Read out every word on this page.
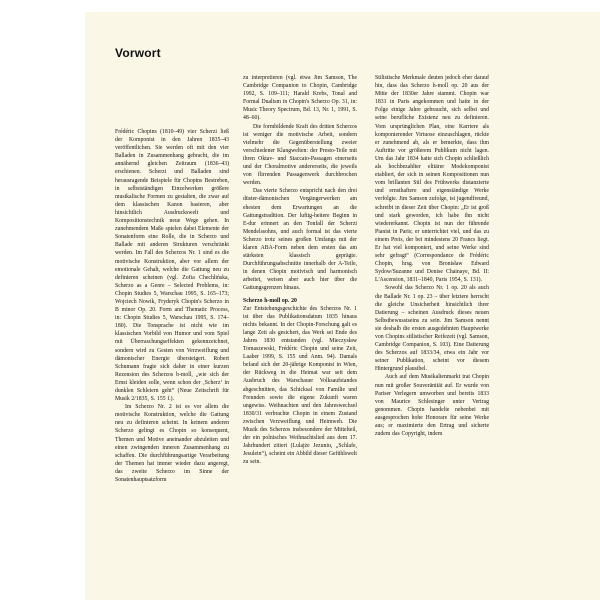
Vorwort

Frédéric Chopins (1810–49) vier Scherzi ließ der Komponist in den Jahren 1835–43 veröffentlichen. Sie werden oft mit den vier Balladen in Zusammenhang gebracht, die im annähernd gleichen Zeitraum (1836–43) erschienen. Scherzi und Balladen sind herausragende Beispiele für Chopins Bestreben, in selbstständigen Einzelwerken größere musikalische Formen zu gestalten, die zwar auf dem klassischen Kanon basieren, aber hinsichtlich Ausdruckswelt und Kompositionstechnik neue Wege gehen. In zunehmendem Maße spielen dabei Elemente der Sonatenform eine Rolle, die in Scherzo und Ballade mit anderen Strukturen verschränkt werden. Im Fall des Scherzos Nr. 1 sind es die motivische Konstruktion, aber vor allem der emotionale Gehalt, welche die Gattung neu zu definieren scheinen (vgl. Zofia Chechlińska, Scherzo as a Genre – Selected Problems, in: Chopin Studies 5, Warschau 1995, S. 165–173; Wojciech Nowik, Fryderyk Chopin's Scherzo in B minor Op. 20. Form and Thematic Process, in: Chopin Studies 5, Warschau 1995, S. 174–180). Die Tonsprache ist nicht wie im klassischen Vorbild von Humor und vom Spiel mit Überraschungseffekten gekennzeichnet, sondern wird zu Gesten von Verzweiflung und dämonischer Energie übersteigert. Robert Schumann fragte sich daher in einer kurzen Rezension des Scherzos b-moll, „wie sich der Ernst kleiden solle, wenn schon der ‚Scherz‘ in dunklen Schleiern geht“ (Neue Zeitschrift für Musik 2/1835, S. 155 f.).

Im Scherzo Nr. 2 ist es vor allem die motivische Konstruktion, welche die Gattung neu zu definieren scheint. In keinem anderen Scherzo gelingt es Chopin so konsequent, Themen und Motive aneinander abzuleiten und einen zwingenden inneren Zusammenhang zu schaffen. Die durchführungsartige Verarbeitung der Themen hat immer wieder dazu angeregt, das zweite Scherzo im Sinne der Sonatenhauptsatzform

zu interpretieren (vgl. etwa Jim Samson, The Cambridge Companion to Chopin, Cambridge 1992, S. 109–111; Harald Krebs, Tonal and Formal Dualism in Chopin's Scherzo Op. 31, in: Music Theory Spectrum, Bd. 13, Nr. 1, 1991, S. 48–60).

Die formbildende Kraft des dritten Scherzos ist weniger die motivische Arbeit, sondern vielmehr die Gegenüberstellung zweier verschiedener Klangwelten: der Presto-Teile mit ihren Oktav- und Staccato-Passagen einerseits und der Choralmotive andererseits, die jeweils von flirrenden Passagenwerk durchbrochen werden.

Das vierte Scherzo entspricht nach den drei düster-dämonischen Vorgängerwerken am ehesten dem Erwartungen an die Gattungstradition. Der luftig-heitere Beginn in E-dur erinnert an den Tonfall der Scherzi Mendelssohns, und auch formal ist das vierte Scherzo trotz seines großen Umfangs mit der klaren ABA-Form neben dem ersten das am stärksten klassisch geprägte. Durchführungsabschnitte innerhalb der A-Teile, in denen Chopin motivisch und harmonisch arbeitet, weisen aber auch hier über die Gattungsgrenzen hinaus.

Scherzo h-moll op. 20

Zur Entstehungsgeschichte des Scherzos Nr. 1 ist über das Publikationsdatum 1835 hinaus nichts bekannt. In der Chopin-Forschung galt es lange Zeit als gesichert, das Werk sei Ende des Jahres 1830 entstanden (vgl. Mieczysław Tomaszewski, Frédéric Chopin und seine Zeit, Laaber 1999, S. 155 und Anm. 94). Damals befand sich der 20-jährige Komponist in Wien, der Rückweg in die Heimat war seit dem Ausbruch des Warschauer Volksaufstandes abgeschnitten, das Schicksal von Familie und Freunden sowie die eigene Zukunft waren ungewiss. Weihnachten und den Jahreswechsel 1830/31 verbrachte Chopin in einem Zustand zwischen Verzweiflung und Heimweh. Die Musik des Scherzos insbesondere der Mittelteil, der ein polnisches Weihnachtslied aus dem 17. Jahrhundert zitiert (Lulajże Jezuniu, „Schlafe, Jesulein“), scheint ein Abbild dieser Gefühlswelt zu sein.

Stilistische Merkmale deuten jedoch eher darauf hin, dass das Scherzo h-moll op. 20 aus der Mitte der 1830er Jahre stammt. Chopin war 1831 in Paris angekommen und hatte in der Folge einige Jahre gebraucht, sich selbst und seine berufliche Existenz neu zu definieren. Vom ursprünglichen Plan, eine Karriere als komponierender Virtuose einzuschlagen, rückte er zunehmend ab, als er bemerkte, dass ihm Auftritte vor größerem Publikum nicht lagen. Um das Jahr 1834 hatte sich Chopin schließlich als hochbezahlter elitärer Modekomponist etabliert, der sich in seinen Kompositionen nun vom brillanten Stil des Frühwerks distanzierte und ernsthaftere und eigenständige Werke verfolgte. Jim Samson zufolge, ist jugendfreund, schreibt in dieser Zeit über Chopin: „Er ist groß und stark geworden, ich habe ihn nicht wiedererkannt. Chopin ist nun der führende Pianist in Paris; er unterrichtet viel, und das zu einem Preis, der bei mindestens 20 Francs liegt. Er hat viel komponiert, und seine Werke sind sehr gefragt“ (Correspondance de Frédéric Chopin, hrsg. von Bronisław Edward Sydow/Suzanne und Denise Chainaye, Bd. II: L'Ascension, 1831–1840, Paris 1954, S. 131).

Sowohl das Scherzo Nr. 1 op. 20 als auch die Ballade Nr. 1 op. 23 – über letztere herrscht die gleiche Unsicherheit hinsichtlich ihrer Datierung – scheinen Ausdruck dieses neuen Selbstbewusstseins zu sein. Jim Samson nennt sie deshalb die ersten ausgedehnten Hauptwerke von Chopins stilistischer Reifezeit (vgl. Samson, Cambridge Companion, S. 103). Eine Datierung des Scherzos auf 1833/34, etwa ein Jahr vor seiner Publikation, scheint vor diesem Hintergrund plausibel.

Auch auf dem Musikalienmarkt trat Chopin nun mit großer Souveränität auf. Er wurde von Pariser Verlegern umworben und bereits 1833 von Maurice Schlesinger unter Vertrag genommen. Chopin handelte nebenbei mit ausgesprochen hohe Honorare für seine Werke aus; er maximierte den Ertrag und sicherte zudem das Copyright, indem
